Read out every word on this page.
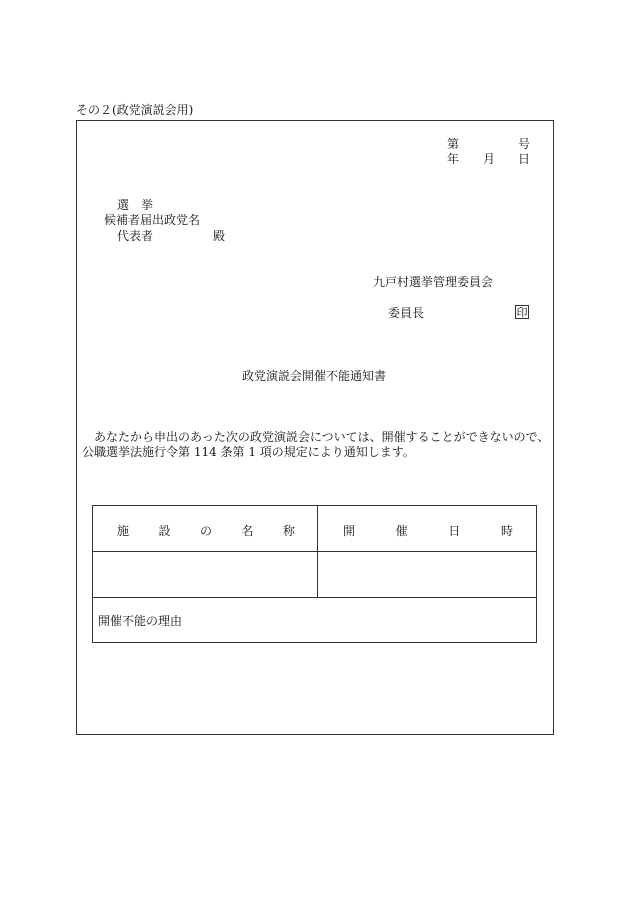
その２(政党演説会用)
第	号
年 月 日
選　挙
候補者届出政党名
代表者	殿
九戸村選挙管理委員会
委員長	印
政党演説会開催不能通知書
　あなたから申出のあった次の政党演説会については、開催することができないので、
公職選挙法施行令第 114 条第 1 項の規定により通知します。
施 設 の 名 称	開	催	日	時
開催不能の理由
